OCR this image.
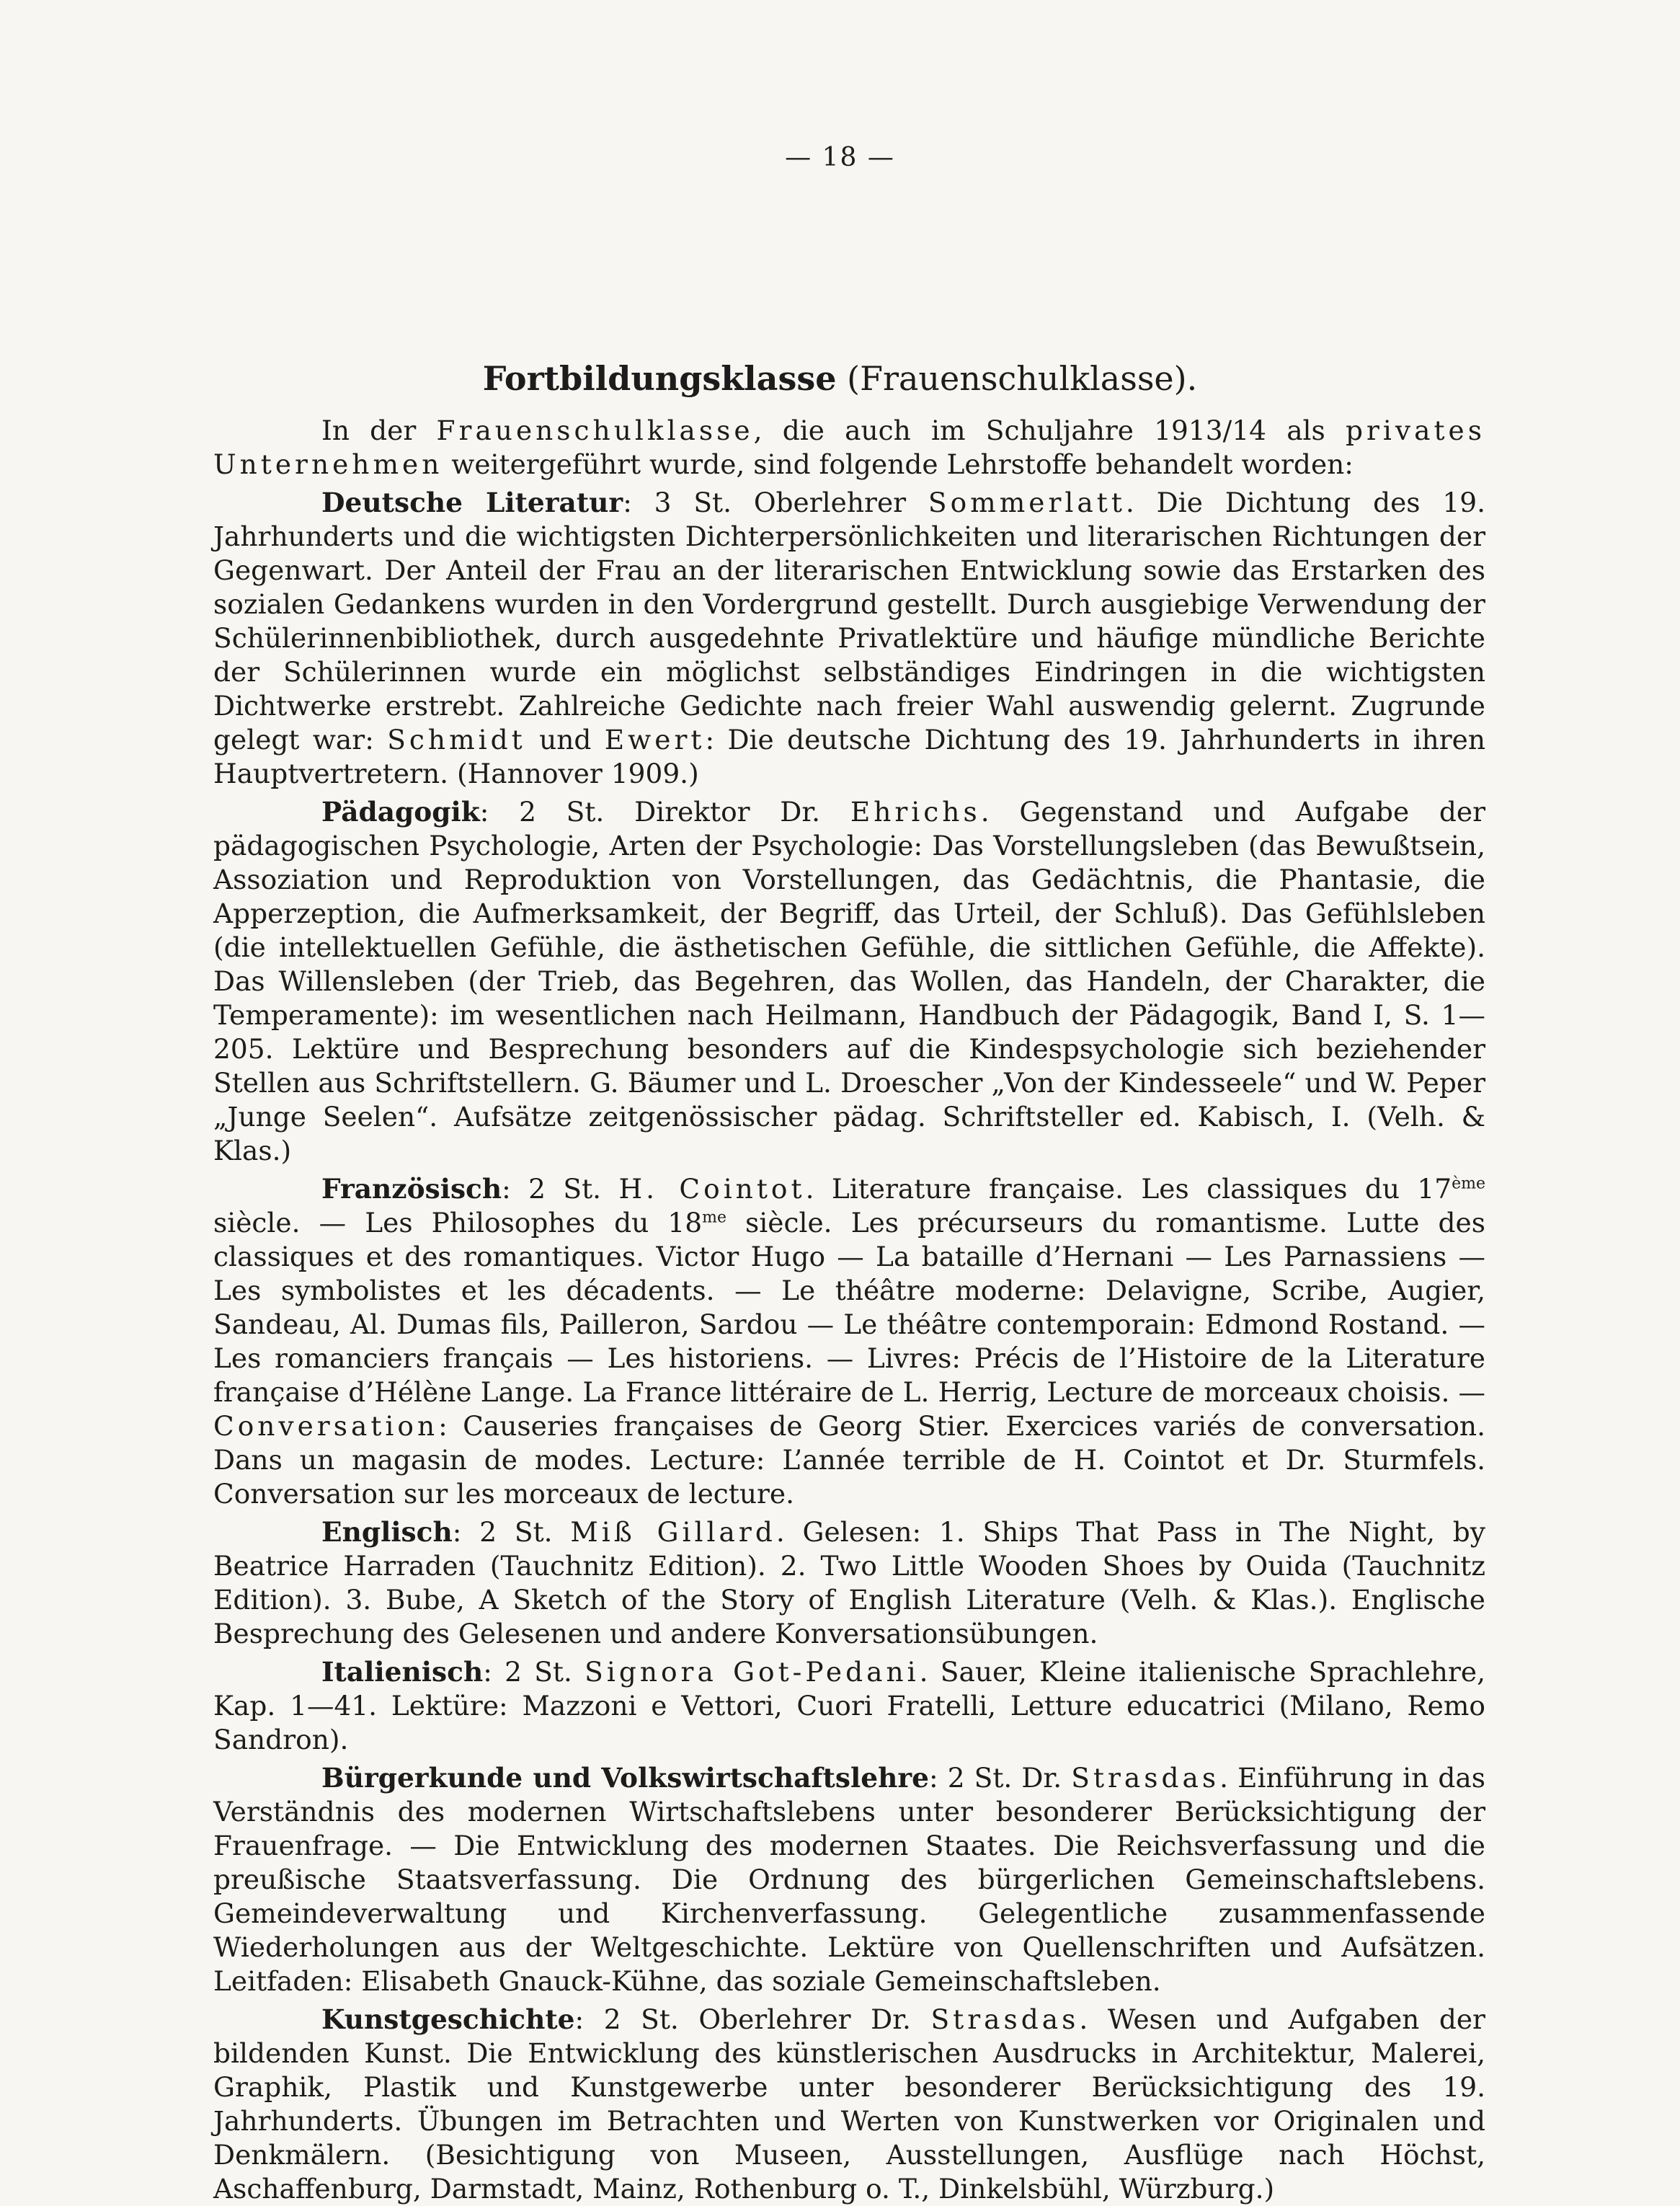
— 18 —
Fortbildungsklasse (Frauenschulklasse).

In der Frauenschulklasse, die auch im Schuljahre 1913/14 als privates Unternehmen weitergeführt wurde, sind folgende Lehrstoffe behandelt worden:

Deutsche Literatur: 3 St. Oberlehrer Sommerlatt. Die Dichtung des 19. Jahrhunderts und die wichtigsten Dichterpersönlichkeiten und literarischen Richtungen der Gegenwart. Der Anteil der Frau an der literarischen Entwicklung sowie das Erstarken des sozialen Gedankens wurden in den Vordergrund gestellt. Durch ausgiebige Verwendung der Schülerinnenbibliothek, durch ausgedehnte Privatlektüre und häufige mündliche Berichte der Schülerinnen wurde ein möglichst selbständiges Eindringen in die wichtigsten Dichtwerke erstrebt. Zahlreiche Gedichte nach freier Wahl auswendig gelernt. Zugrunde gelegt war: Schmidt und Ewert: Die deutsche Dichtung des 19. Jahrhunderts in ihren Hauptvertretern. (Hannover 1909.)

Pädagogik: 2 St. Direktor Dr. Ehrichs. Gegenstand und Aufgabe der pädagogischen Psychologie, Arten der Psychologie: Das Vorstellungsleben (das Bewußtsein, Assoziation und Reproduktion von Vorstellungen, das Gedächtnis, die Phantasie, die Apperzeption, die Aufmerksamkeit, der Begriff, das Urteil, der Schluß). Das Gefühlsleben (die intellektuellen Gefühle, die ästhetischen Gefühle, die sittlichen Gefühle, die Affekte). Das Willensleben (der Trieb, das Begehren, das Wollen, das Handeln, der Charakter, die Temperamente): im wesentlichen nach Heilmann, Handbuch der Pädagogik, Band I, S. 1—205. Lektüre und Besprechung besonders auf die Kindespsychologie sich beziehender Stellen aus Schriftstellern. G. Bäumer und L. Droescher „Von der Kindesseele“ und W. Peper „Junge Seelen“. Aufsätze zeitgenössischer pädag. Schriftsteller ed. Kabisch, I. (Velh. & Klas.)

Französisch: 2 St. H. Cointot. Literature française. Les classiques du 17ème siècle. — Les Philosophes du $18^{me}$ siècle. Les précurseurs du romantisme. Lutte des classiques et des romantiques. Victor Hugo — La bataille d’Hernani — Les Parnassiens — Les symbolistes et les décadents. — Le théâtre moderne: Delavigne, Scribe, Augier, Sandeau, Al. Dumas fils, Pailleron, Sardou — Le théâtre contemporain: Edmond Rostand. — Les romanciers français — Les historiens. — Livres: Précis de l’Histoire de la Literature française d’Hélène Lange. La France littéraire de L. Herrig, Lecture de morceaux choisis. — Conversation: Causeries françaises de Georg Stier. Exercices variés de conversation. Dans un magasin de modes. Lecture: L’année terrible de H. Cointot et Dr. Sturmfels. Conversation sur les morceaux de lecture.

Englisch: 2 St. Miß Gillard. Gelesen: 1. Ships That Pass in The Night, by Beatrice Harraden (Tauchnitz Edition). 2. Two Little Wooden Shoes by Ouida (Tauchnitz Edition). 3. Bube, A Sketch of the Story of English Literature (Velh. & Klas.). Englische Besprechung des Gelesenen und andere Konversationsübungen.

Italienisch: 2 St. Signora Got-Pedani. Sauer, Kleine italienische Sprachlehre, Kap. 1—41. Lektüre: Mazzoni e Vettori, Cuori Fratelli, Letture educatrici (Milano, Remo Sandron).

Bürgerkunde und Volkswirtschaftslehre: 2 St. Dr. Strasdas. Einführung in das Verständnis des modernen Wirtschaftslebens unter besonderer Berücksichtigung der Frauenfrage. — Die Entwicklung des modernen Staates. Die Reichsverfassung und die preußische Staatsverfassung. Die Ordnung des bürgerlichen Gemeinschaftslebens. Gemeindeverwaltung und Kirchenverfassung. Gelegentliche zusammenfassende Wiederholungen aus der Weltgeschichte. Lektüre von Quellenschriften und Aufsätzen. Leitfaden: Elisabeth Gnauck-Kühne, das soziale Gemeinschaftsleben.

Kunstgeschichte: 2 St. Oberlehrer Dr. Strasdas. Wesen und Aufgaben der bildenden Kunst. Die Entwicklung des künstlerischen Ausdrucks in Architektur, Malerei, Graphik, Plastik und Kunstgewerbe unter besonderer Berücksichtigung des 19. Jahrhunderts. Übungen im Betrachten und Werten von Kunstwerken vor Originalen und Denkmälern. (Besichtigung von Museen, Ausstellungen, Ausflüge nach Höchst, Aschaffenburg, Darmstadt, Mainz, Rothenburg o. T., Dinkelsbühl, Würzburg.)
